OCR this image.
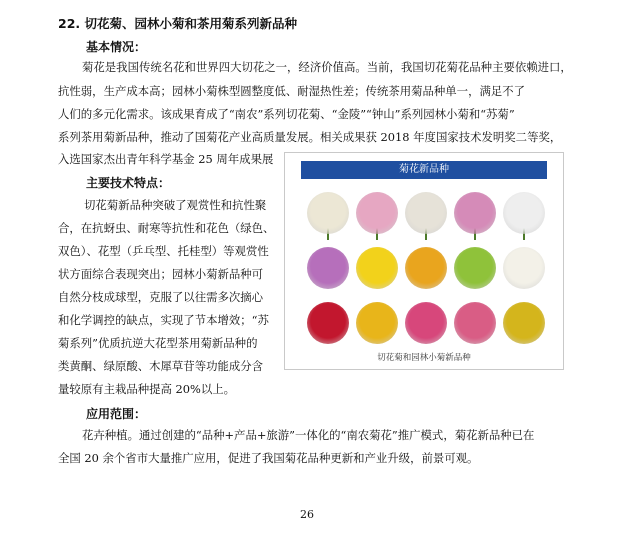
22. 切花菊、园林小菊和茶用菊系列新品种
基本情况：
菊花是我国传统名花和世界四大切花之一，经济价值高。当前，我国切花菊花品种主要依赖进口，
抗性弱，生产成本高；园林小菊株型圆整度低、耐湿热性差；传统茶用菊品种单一，满足不了
人们的多元化需求。该成果育成了“南农”系列切花菊、“金陵”“钟山”系列园林小菊和“苏菊”
系列茶用菊新品种，推动了国菊花产业高质量发展。相关成果获 2018 年度国家技术发明奖二等奖，
入选国家杰出青年科学基金 25 周年成果展
主要技术特点：
切花菊新品种突破了观赏性和抗性聚
合，在抗蚜虫、耐寒等抗性和花色（绿色、
双色）、花型（乒乓型、托桂型）等观赏性
状方面综合表现突出；园林小菊新品种可
自然分枝成球型，克服了以往需多次摘心
和化学调控的缺点，实现了节本增效；“苏
菊系列”优质抗逆大花型茶用菊新品种的
类黄酮、绿原酸、木犀草苷等功能成分含
量较原有主栽品种提高 20%以上。
菊花新品种
切花菊和园林小菊新品种
应用范围：
花卉种植。通过创建的“品种+产品+旅游”一体化的“南农菊花”推广模式，菊花新品种已在
全国 20 余个省市大量推广应用，促进了我国菊花品种更新和产业升级，前景可观。
26
